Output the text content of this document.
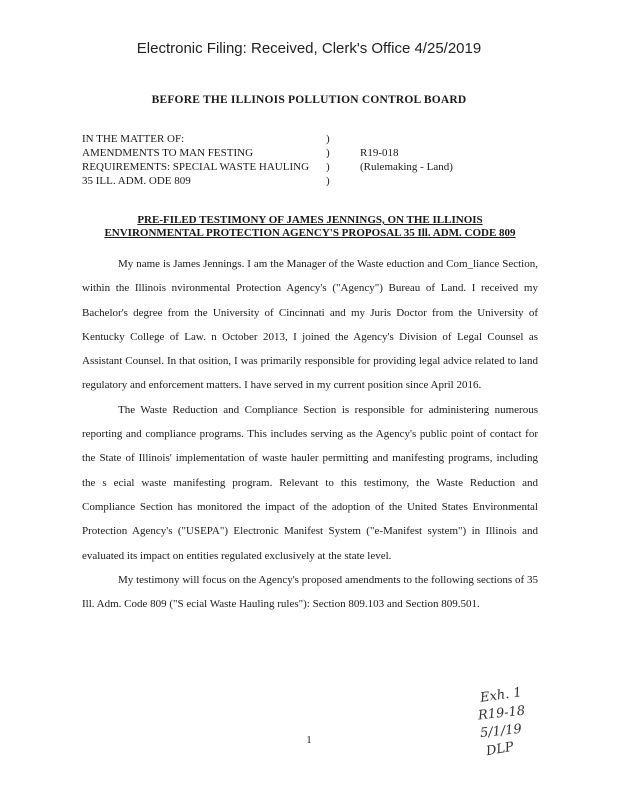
Electronic Filing: Received, Clerk's Office 4/25/2019
BEFORE THE ILLINOIS POLLUTION CONTROL BOARD
IN THE MATTER OF:
AMENDMENTS TO MAN FESTING
REQUIREMENTS: SPECIAL WASTE HAULING
35 ILL. ADM. ODE 809
)
)
)
)
R19-018
(Rulemaking - Land)
PRE-FILED TESTIMONY OF JAMES JENNINGS, ON THE ILLINOIS
ENVIRONMENTAL PROTECTION AGENCY'S PROPOSAL 35 Ill. ADM. CODE 809

My name is James Jennings. I am the Manager of the Waste eduction and Com_liance Section, within the Illinois nvironmental Protection Agency's ("Agency") Bureau of Land. I received my Bachelor's degree from the University of Cincinnati and my Juris Doctor from the University of Kentucky College of Law. n October 2013, I joined the Agency's Division of Legal Counsel as Assistant Counsel. In that osition, I was primarily responsible for providing legal advice related to land regulatory and enforcement matters. I have served in my current position since April 2016.

The Waste Reduction and Compliance Section is responsible for administering numerous reporting and compliance programs. This includes serving as the Agency's public point of contact for the State of Illinois' implementation of waste hauler permitting and manifesting programs, including the s ecial waste manifesting program. Relevant to this testimony, the Waste Reduction and Compliance Section has monitored the impact of the adoption of the United States Environmental Protection Agency's ("USEPA") Electronic Manifest System ("e-Manifest system") in Illinois and evaluated its impact on entities regulated exclusively at the state level.

My testimony will focus on the Agency's proposed amendments to the following sections of 35 Ill. Adm. Code 809 ("S ecial Waste Hauling rules"): Section 809.103 and Section 809.501.

1
Exh. 1
R19-18
5/1/19
DLP
